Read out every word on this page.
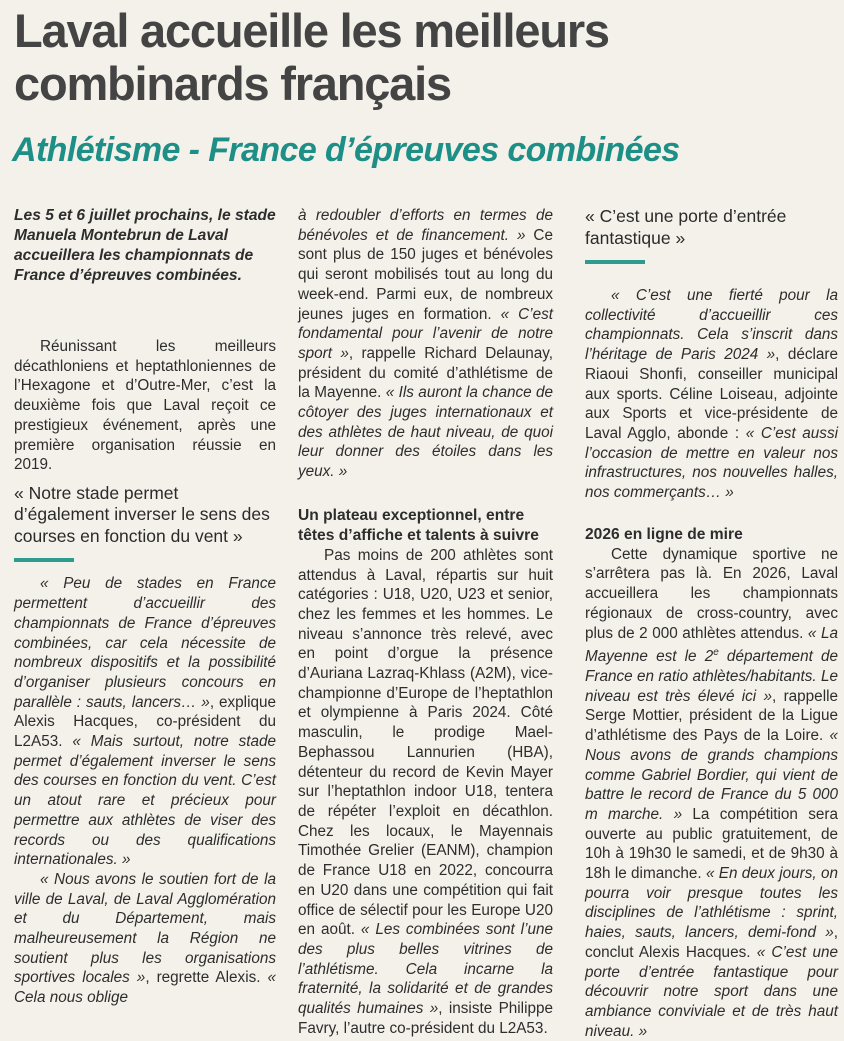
Laval accueille les meilleurs combinards français
Athlétisme - France d’épreuves combinées

Les 5 et 6 juillet prochains, le stade Manuela Montebrun de Laval accueillera les championnats de France d’épreuves combinées.

Réunissant les meilleurs décathloniens et heptathloniennes de l’Hexagone et d’Outre-Mer, c’est la deuxième fois que Laval reçoit ce prestigieux événement, après une première organisation réussie en 2019.

« Notre stade permet d’également inverser le sens des courses en fonction du vent »

« Peu de stades en France permettent d’accueillir des championnats de France d’épreuves combinées, car cela nécessite de nombreux dispositifs et la possibilité d’organiser plusieurs concours en parallèle : sauts, lancers… », explique Alexis Hacques, co-président du L2A53. « Mais surtout, notre stade permet d’également inverser le sens des courses en fonction du vent. C’est un atout rare et précieux pour permettre aux athlètes de viser des records ou des qualifications internationales. »

« Nous avons le soutien fort de la ville de Laval, de Laval Agglomération et du Département, mais malheureusement la Région ne soutient plus les organisations sportives locales », regrette Alexis. « Cela nous oblige

à redoubler d’efforts en termes de bénévoles et de financement. » Ce sont plus de 150 juges et bénévoles qui seront mobilisés tout au long du week-end. Parmi eux, de nombreux jeunes juges en formation. « C’est fondamental pour l’avenir de notre sport », rappelle Richard Delaunay, président du comité d’athlétisme de la Mayenne. « Ils auront la chance de côtoyer des juges internationaux et des athlètes de haut niveau, de quoi leur donner des étoiles dans les yeux. »

Un plateau exceptionnel, entre têtes d’affiche et talents à suivre

Pas moins de 200 athlètes sont attendus à Laval, répartis sur huit catégories : U18, U20, U23 et senior, chez les femmes et les hommes. Le niveau s’annonce très relevé, avec en point d’orgue la présence d’Auriana Lazraq-Khlass (A2M), vice-championne d’Europe de l’heptathlon et olympienne à Paris 2024. Côté masculin, le prodige Mael-Bephassou Lannurien (HBA), détenteur du record de Kevin Mayer sur l’heptathlon indoor U18, tentera de répéter l’exploit en décathlon. Chez les locaux, le Mayennais Timothée Grelier (EANM), champion de France U18 en 2022, concourra en U20 dans une compétition qui fait office de sélectif pour les Europe U20 en août. « Les combinées sont l’une des plus belles vitrines de l’athlétisme. Cela incarne la fraternité, la solidarité et de grandes qualités humaines », insiste Philippe Favry, l’autre co-président du L2A53.

« C’est une porte d’entrée fantastique »

« C’est une fierté pour la collectivité d’accueillir ces championnats. Cela s’inscrit dans l’héritage de Paris 2024 », déclare Riaoui Shonfi, conseiller municipal aux sports. Céline Loiseau, adjointe aux Sports et vice-présidente de Laval Agglo, abonde : « C’est aussi l’occasion de mettre en valeur nos infrastructures, nos nouvelles halles, nos commerçants… »

2026 en ligne de mire

Cette dynamique sportive ne s’arrêtera pas là. En 2026, Laval accueillera les championnats régionaux de cross-country, avec plus de 2 000 athlètes attendus. « La Mayenne est le 2e département de France en ratio athlètes/habitants. Le niveau est très élevé ici », rappelle Serge Mottier, président de la Ligue d’athlétisme des Pays de la Loire. « Nous avons de grands champions comme Gabriel Bordier, qui vient de battre le record de France du 5 000 m marche. » La compétition sera ouverte au public gratuitement, de 10h à 19h30 le samedi, et de 9h30 à 18h le dimanche. « En deux jours, on pourra voir presque toutes les disciplines de l’athlétisme : sprint, haies, sauts, lancers, demi-fond », conclut Alexis Hacques. « C’est une porte d’entrée fantastique pour découvrir notre sport dans une ambiance conviviale et de très haut niveau. »
